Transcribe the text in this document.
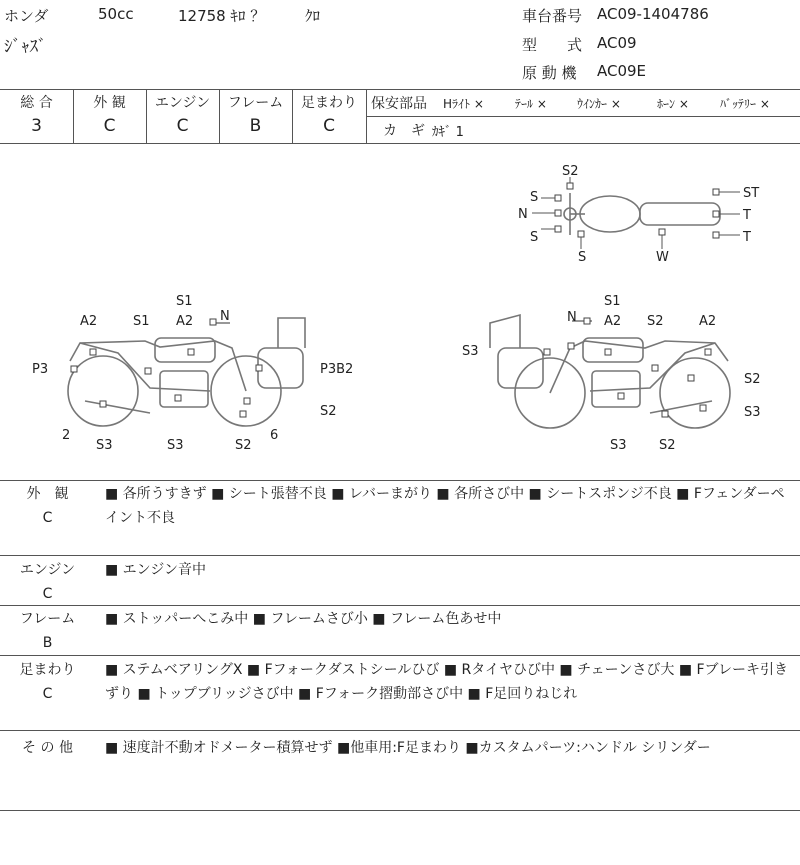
ホンダ	50cc	12758 ｷﾛ ？	ｸﾛ
ｼﾞｬｽﾞ
車台番号 AC09-1404786
型　　式 AC09
原 動 機 AC09E
総 合	外 観	エンジン	フレーム	足まわり
3	C	C	B	C
保安部品 Hﾗｲﾄ ×	ﾃｰﾙ ×	ｳｲﾝｶｰ ×	ﾎｰﾝ ×	ﾊﾞｯﾃﾘｰ ×
カ　ギ ｶｷﾞ 1
S2
S
N
S
S	W
ST
T
T
S1
A2	N
A2
S1
P3	P3B2
S2
2
S3	S3	S2
6
S1
N A2 S2	A2
S3
S2
S3
S3 S2
外　観
C
■ 各所うすきず ■ シート張替不良 ■ レバーまがり ■ 各所さび中 ■ シートスポンジ不良 ■ Fフェンダーペイント不良
エンジン
C
■ エンジン音中
フレーム
B
■ ストッパーへこみ中 ■ フレームさび小 ■ フレーム色あせ中
足まわり
C
■ ステムベアリングX ■ Fフォークダストシールひび ■ Rタイヤひび中 ■ チェーンさび大 ■ Fブレーキ引きずり ■ トップブリッジさび中 ■ Fフォーク摺動部さび中 ■ F足回りねじれ
そ の 他	■ 速度計不動オドメーター積算せず ■他車用:F足まわり ■カスタムパーツ:ハンドル シリンダー
